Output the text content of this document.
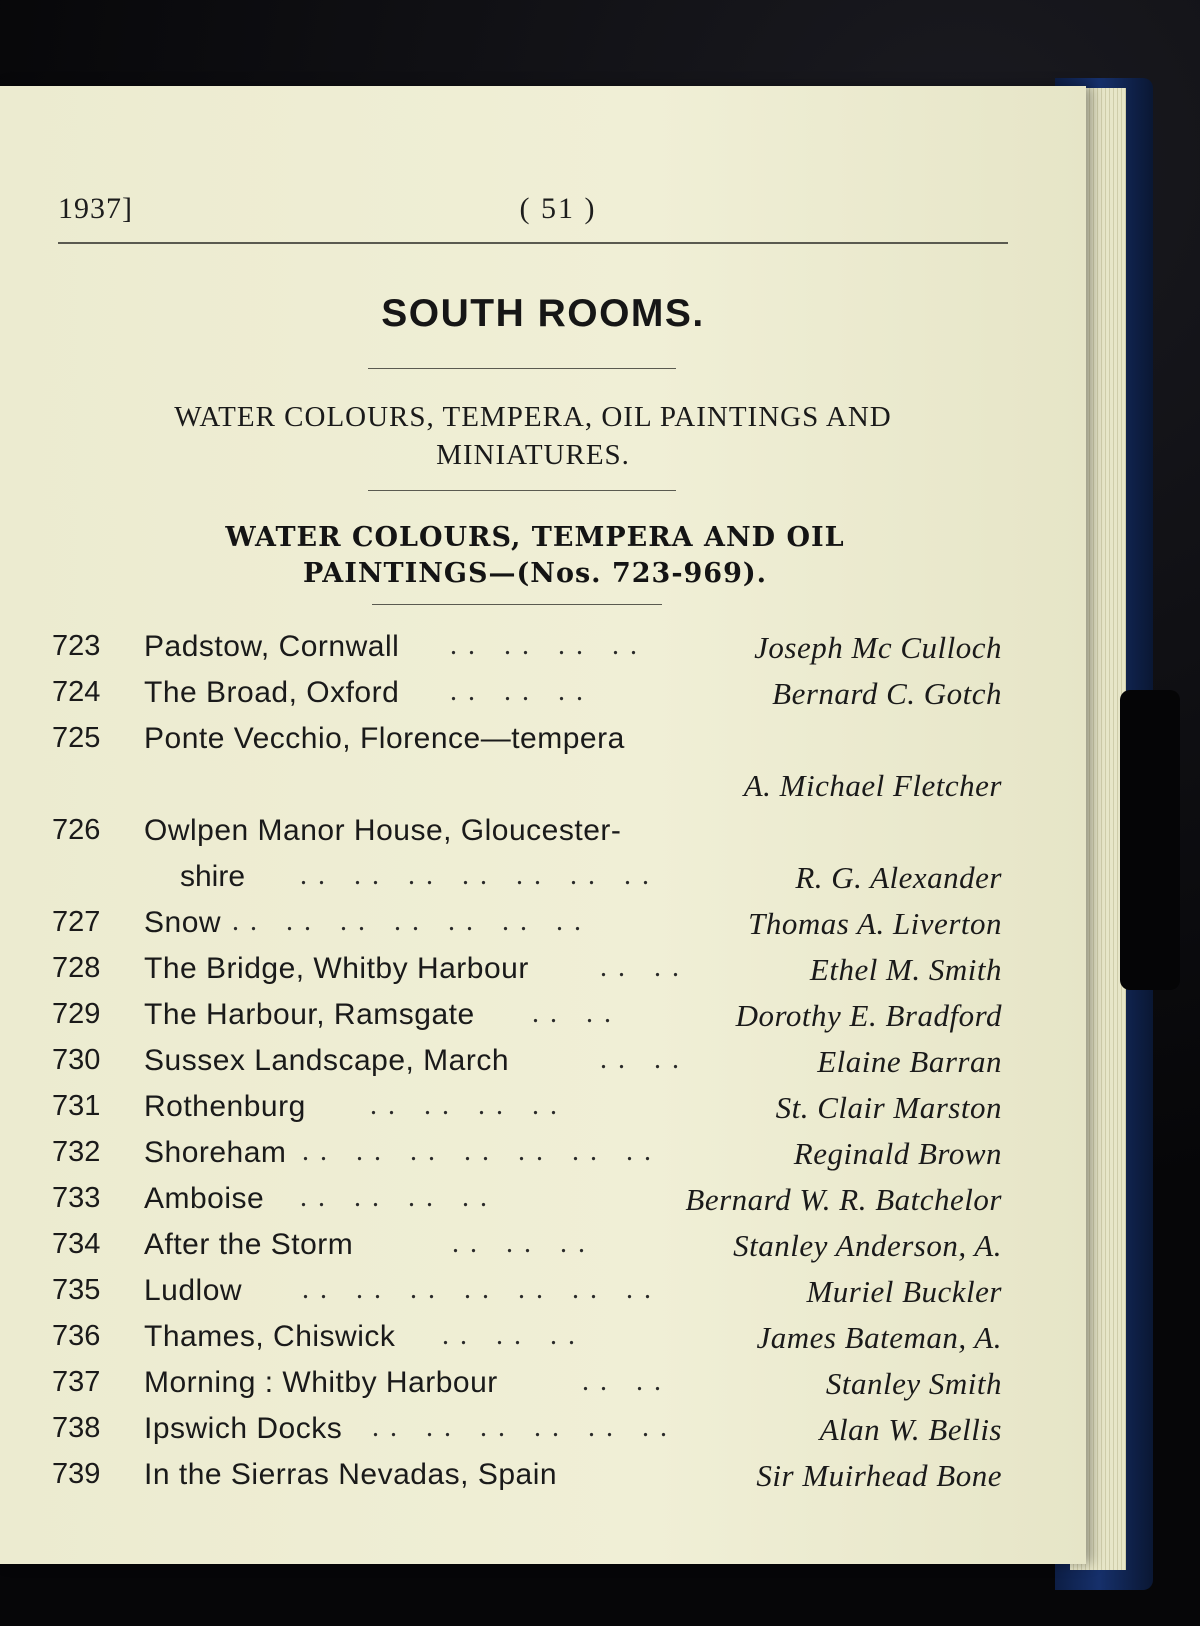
1937]	( 51 )
SOUTH ROOMS.
WATER COLOURS, TEMPERA, OIL PAINTINGS AND
MINIATURES.
WATER COLOURS, TEMPERA AND OIL
PAINTINGS—(Nos. 723-969).
723 Padstow, Cornwall . .   . .   . .   . .	Joseph Mc Culloch
724 The Broad, Oxford . .   . .   . .	Bernard C. Gotch
725 Ponte Vecchio, Florence—tempera
A. Michael Fletcher
726 Owlpen Manor House, Gloucester-
shire . .   . .   . .   . .   . .   . .   . .	R. G. Alexander
727 Snow . .   . .   . .   . .   . .   . .   . .	Thomas A. Liverton
728 The Bridge, Whitby Harbour	. .   . .	Ethel M. Smith
729 The Harbour, Ramsgate . .   . .	Dorothy E. Bradford
730 Sussex Landscape, March	. .   . .	Elaine Barran
731 Rothenburg . .   . .   . .   . .	St. Clair Marston
732 Shoreham . .   . .   . .   . .   . .   . .   . .	Reginald Brown
733 Amboise . .   . .   . .   . .	Bernard W. R. Batchelor
734 After the Storm	. .   . .   . .	Stanley Anderson, A.
735 Ludlow . .   . .   . .   . .   . .   . .   . .	Muriel Buckler
736 Thames, Chiswick . .   . .   . .	James Bateman, A.
737 Morning : Whitby Harbour	. .   . .	Stanley Smith
738 Ipswich Docks . .   . .   . .   . .   . .   . .	Alan W. Bellis
739 In the Sierras Nevadas, Spain	Sir Muirhead Bone
